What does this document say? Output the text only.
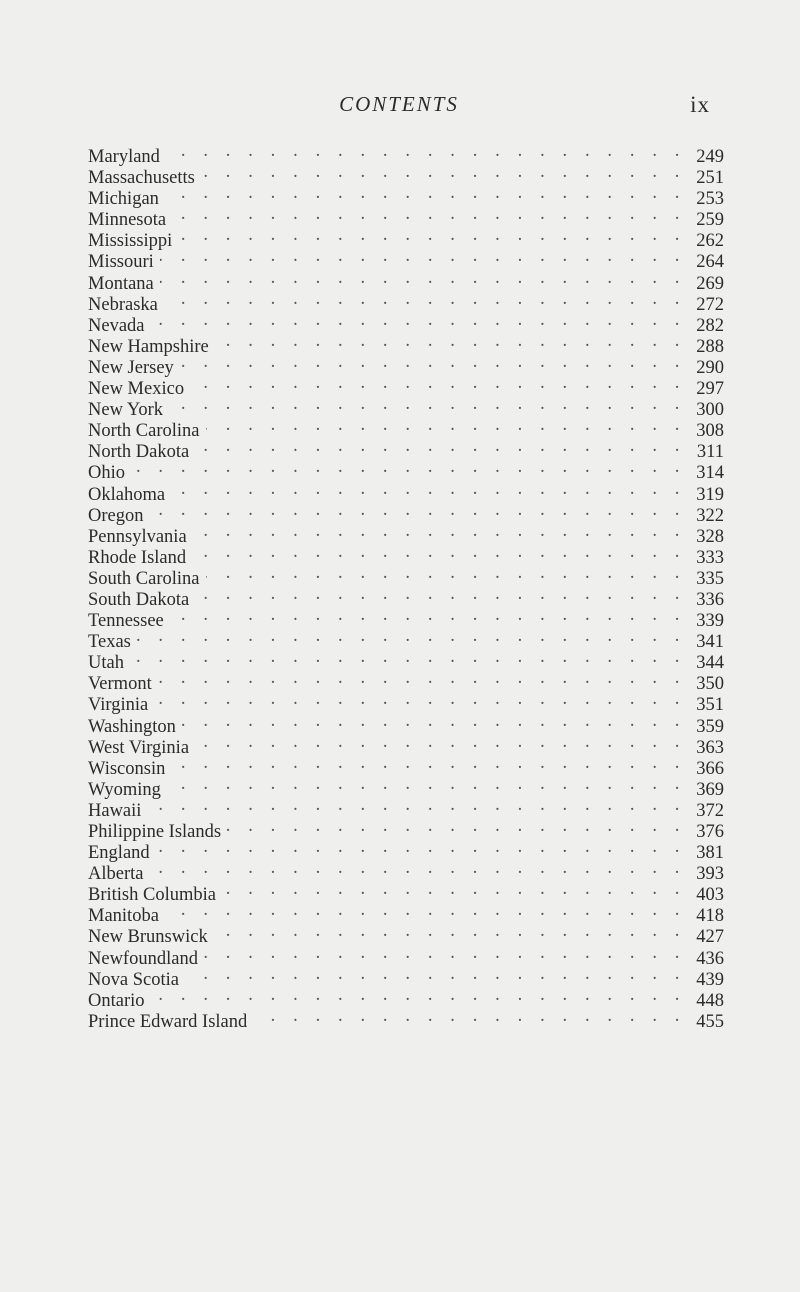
CONTENTS	ix
Maryland . . .	249
Massachusetts . . .	251
Michigan . . .	253
Minnesota . . .	259
Mississippi . . .	262
Missouri . . .	264
Montana . . .	269
Nebraska . . .	272
Nevada . . .	282
New Hampshire . . .	288
New Jersey . . .	290
New Mexico . . .	297
New York . . .	300
North Carolina . . .	308
North Dakota . . .	311
Ohio . . .	314
Oklahoma . . .	319
Oregon . . .	322
Pennsylvania . . .	328
Rhode Island . . .	333
South Carolina . . .	335
South Dakota . . .	336
Tennessee . . .	339
Texas . . .	341
Utah . . .	344
Vermont . . .	350
Virginia . . .	351
Washington . . .	359
West Virginia . . .	363
Wisconsin . . .	366
Wyoming . . .	369
Hawaii . . .	372
Philippine Islands . . .	376
England . . .	381
Alberta . . .	393
British Columbia . . .	403
Manitoba . . .	418
New Brunswick . . .	427
Newfoundland . . .	436
Nova Scotia . . .	439
Ontario . . .	448
Prince Edward Island . . .	455
